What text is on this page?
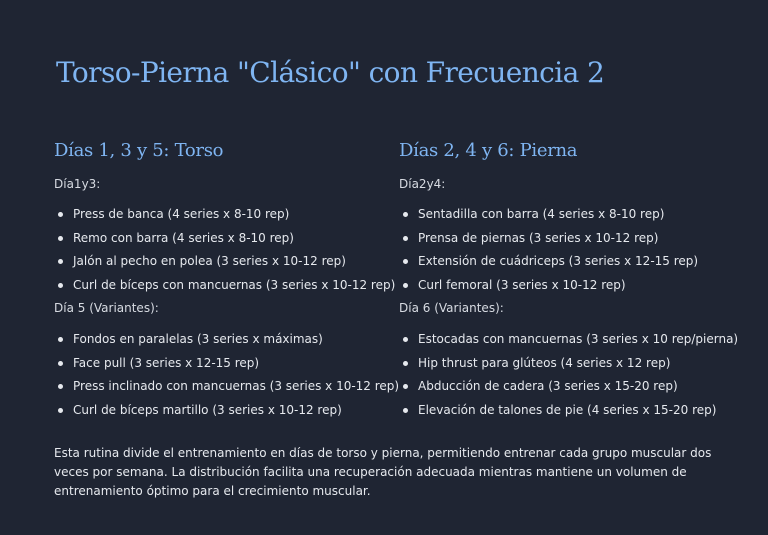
Torso-Pierna "Clásico" con Frecuencia 2
Días 1, 3 y 5: Torso

Día1y3:

Press de banca (4 series x 8-10 rep)
Remo con barra (4 series x 8-10 rep)
Jalón al pecho en polea (3 series x 10-12 rep)
Curl de bíceps con mancuernas (3 series x 10-12 rep)

Día 5 (Variantes):

Fondos en paralelas (3 series x máximas)
Face pull (3 series x 12-15 rep)
Press inclinado con mancuernas (3 series x 10-12 rep)
Curl de bíceps martillo (3 series x 10-12 rep)
Días 2, 4 y 6: Pierna

Día2y4:

Sentadilla con barra (4 series x 8-10 rep)
Prensa de piernas (3 series x 10-12 rep)
Extensión de cuádriceps (3 series x 12-15 rep)
Curl femoral (3 series x 10-12 rep)

Día 6 (Variantes):

Estocadas con mancuernas (3 series x 10 rep/pierna)
Hip thrust para glúteos (4 series x 12 rep)
Abducción de cadera (3 series x 15-20 rep)
Elevación de talones de pie (4 series x 15-20 rep)

Esta rutina divide el entrenamiento en días de torso y pierna, permitiendo entrenar cada grupo muscular dos veces por semana. La distribución facilita una recuperación adecuada mientras mantiene un volumen de entrenamiento óptimo para el crecimiento muscular.
